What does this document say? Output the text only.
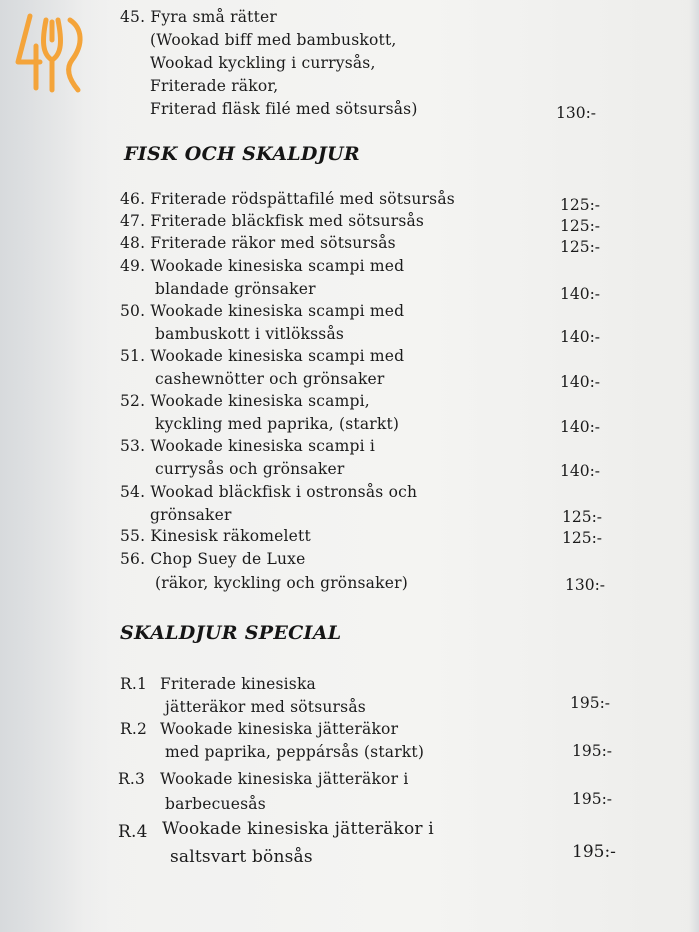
45. Fyra små rätter
(Wookad biff med bambuskott,
Wookad kyckling i currysås,
Friterade räkor,
Friterad fläsk filé med sötsursås)	130:-
FISK OCH SKALDJUR
46. Friterade rödspättafilé med sötsursås	125:-
47. Friterade bläckfisk med sötsursås	125:-
48. Friterade räkor med sötsursås	125:-
49. Wookade kinesiska scampi med
blandade grönsaker	140:-
50. Wookade kinesiska scampi med
bambuskott i vitlökssås	140:-
51. Wookade kinesiska scampi med
cashewnötter och grönsaker	140:-
52. Wookade kinesiska scampi,
kyckling med paprika, (starkt)	140:-
53. Wookade kinesiska scampi i
currysås och grönsaker	140:-
54. Wookad bläckfisk i ostronsås och
grönsaker	125:-
55. Kinesisk räkomelett	125:-
56. Chop Suey de Luxe
(räkor, kyckling och grönsaker)	130:-
SKALDJUR SPECIAL
R.1 Friterade kinesiska
jätteräkor med sötsursås	195:-
R.2 Wookade kinesiska jätteräkor
med paprika, peppársås (starkt)	195:-
R.3 Wookade kinesiska jätteräkor i
barbecuesås	195:-
R.4 Wookade kinesiska jätteräkor i
saltsvart bönsås	195:-
